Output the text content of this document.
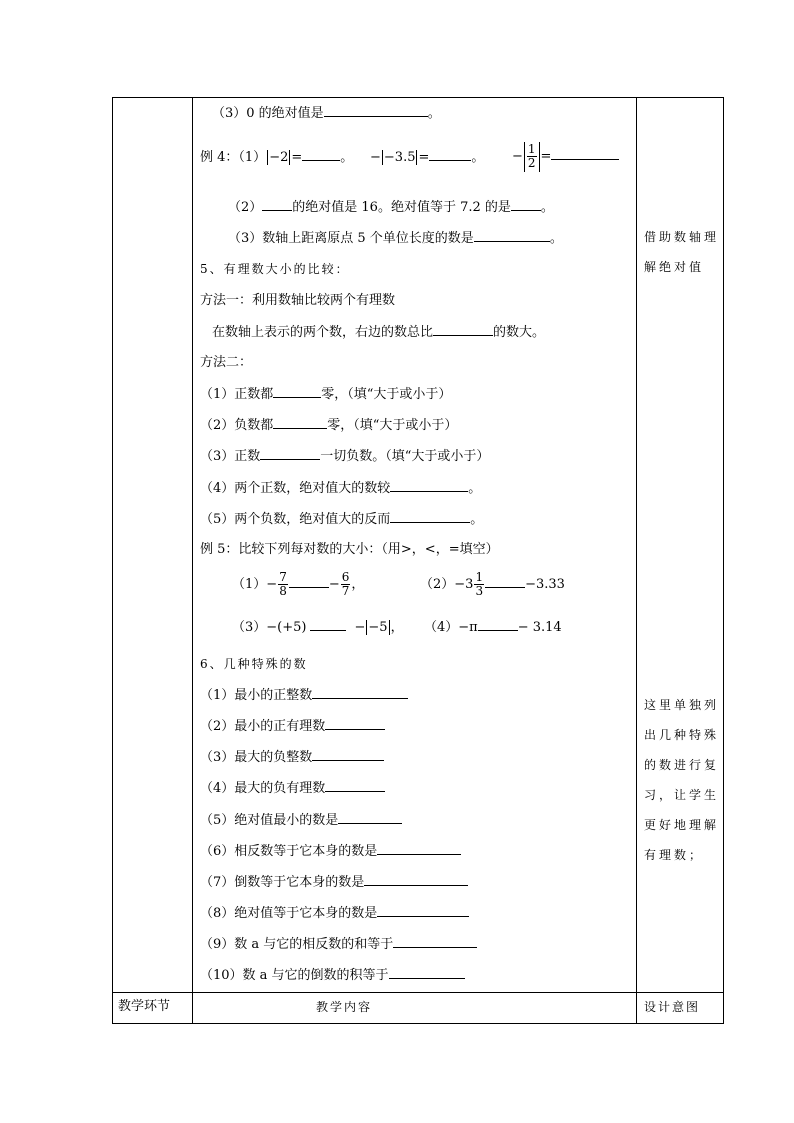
（3）0 的绝对值是	。
例 4：（1） −2 =	。 − −3.5 =	。 − $\frac{1}{2}$ =
（2） 的绝对值是 16。绝对值等于 7.2 的是 。
（3）数轴上距离原点 5 个单位长度的数是	。
5、有理数大小的比较：
方法一：利用数轴比较两个有理数
在数轴上表示的两个数，右边的数总比	的数大。
方法二：
（1）正数都	零，（填“大于或小于）
（2）负数都	零，（填“大于或小于）
（3）正数	一切负数。（填“大于或小于）
（4）两个正数，绝对值大的数较	。
（5）两个负数，绝对值大的反而	。
例 5：比较下列每对数的大小：（用>，<，=填空）
$(1)- \frac{7}{8}$	− $\frac{6}{7}$ ，	$(2)-3 \frac{1}{3}$	−3.33
（3）−(+5)	− −5 ， （4）−π	− 3.14
6、几种特殊的数
（1）最小的正整数
（2）最小的正有理数
（3）最大的负整数
（4）最大的负有理数
（5）绝对值最小的数是
（6）相反数等于它本身的数是
（7）倒数等于它本身的数是
（8）绝对值等于它本身的数是
（9）数 a 与它的相反数的和等于
（10）数 a 与它的倒数的积等于
借助数轴理
解绝对值
这里单独列
出几种特殊
的数进行复
习，让学生
更好地理解
有理数；
教学环节	教学内容	设计意图
